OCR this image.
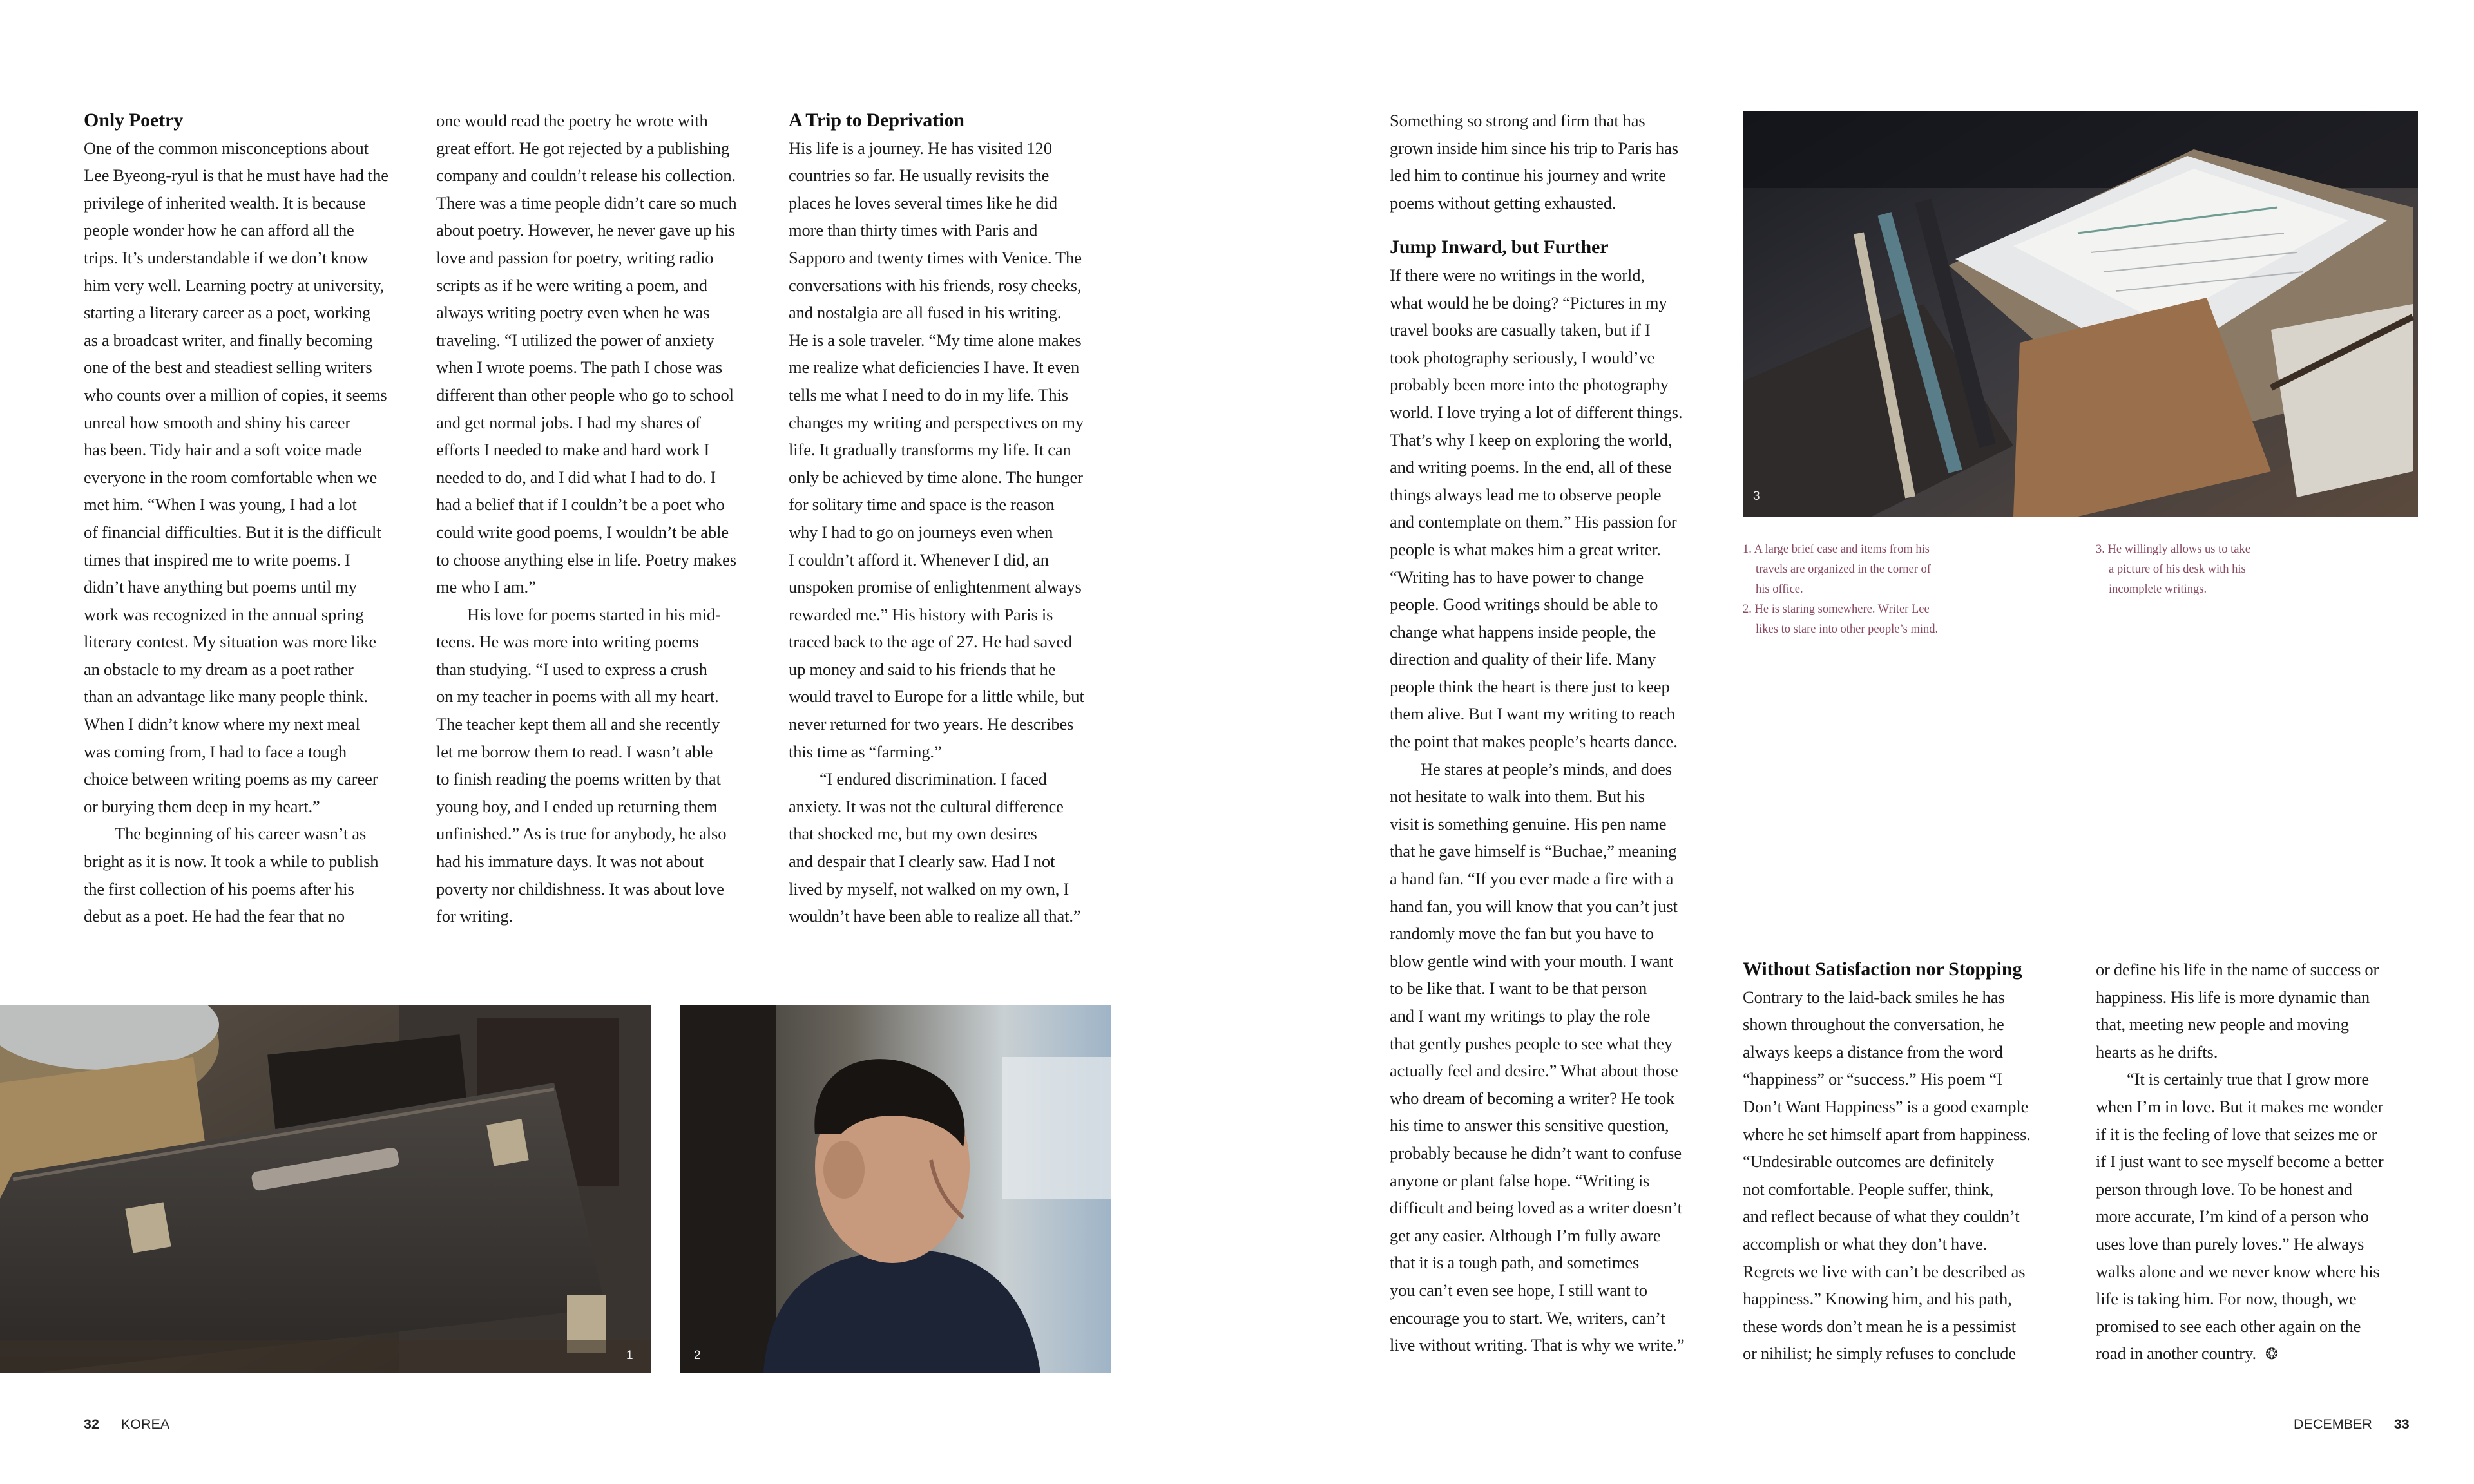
Only Poetry
One of the common misconceptions about
Lee Byeong-ryul is that he must have had the
privilege of inherited wealth. It is because
people wonder how he can afford all the
trips. It’s understandable if we don’t know
him very well. Learning poetry at university,
starting a literary career as a poet, working
as a broadcast writer, and finally becoming
one of the best and steadiest selling writers
who counts over a million of copies, it seems
unreal how smooth and shiny his career
has been. Tidy hair and a soft voice made
everyone in the room comfortable when we
met him. “When I was young, I had a lot
of financial difficulties. But it is the difficult
times that inspired me to write poems. I
didn’t have anything but poems until my
work was recognized in the annual spring
literary contest. My situation was more like
an obstacle to my dream as a poet rather
than an advantage like many people think.
When I didn’t know where my next meal
was coming from, I had to face a tough
choice between writing poems as my career
or burying them deep in my heart.”
The beginning of his career wasn’t as
bright as it is now. It took a while to publish
the first collection of his poems after his
debut as a poet. He had the fear that no
one would read the poetry he wrote with
great effort. He got rejected by a publishing
company and couldn’t release his collection.
There was a time people didn’t care so much
about poetry. However, he never gave up his
love and passion for poetry, writing radio
scripts as if he were writing a poem, and
always writing poetry even when he was
traveling. “I utilized the power of anxiety
when I wrote poems. The path I chose was
different than other people who go to school
and get normal jobs. I had my shares of
efforts I needed to make and hard work I
needed to do, and I did what I had to do. I
had a belief that if I couldn’t be a poet who
could write good poems, I wouldn’t be able
to choose anything else in life. Poetry makes
me who I am.”
His love for poems started in his mid-
teens. He was more into writing poems
than studying. “I used to express a crush
on my teacher in poems with all my heart.
The teacher kept them all and she recently
let me borrow them to read. I wasn’t able
to finish reading the poems written by that
young boy, and I ended up returning them
unfinished.” As is true for anybody, he also
had his immature days. It was not about
poverty nor childishness. It was about love
for writing.
A Trip to Deprivation
His life is a journey. He has visited 120
countries so far. He usually revisits the
places he loves several times like he did
more than thirty times with Paris and
Sapporo and twenty times with Venice. The
conversations with his friends, rosy cheeks,
and nostalgia are all fused in his writing.
He is a sole traveler. “My time alone makes
me realize what deficiencies I have. It even
tells me what I need to do in my life. This
changes my writing and perspectives on my
life. It gradually transforms my life. It can
only be achieved by time alone. The hunger
for solitary time and space is the reason
why I had to go on journeys even when
I couldn’t afford it. Whenever I did, an
unspoken promise of enlightenment always
rewarded me.” His history with Paris is
traced back to the age of 27. He had saved
up money and said to his friends that he
would travel to Europe for a little while, but
never returned for two years. He describes
this time as “farming.”
“I endured discrimination. I faced
anxiety. It was not the cultural difference
that shocked me, but my own desires
and despair that I clearly saw. Had I not
lived by myself, not walked on my own, I
wouldn’t have been able to realize all that.”
1	2
32 KOREA
Something so strong and firm that has
grown inside him since his trip to Paris has
led him to continue his journey and write
poems without getting exhausted.
Jump Inward, but Further
If there were no writings in the world,
what would he be doing? “Pictures in my
travel books are casually taken, but if I
took photography seriously, I would’ve
probably been more into the photography
world. I love trying a lot of different things.
That’s why I keep on exploring the world,
and writing poems. In the end, all of these
things always lead me to observe people
and contemplate on them.” His passion for
people is what makes him a great writer.
“Writing has to have power to change
people. Good writings should be able to
change what happens inside people, the
direction and quality of their life. Many
people think the heart is there just to keep
them alive. But I want my writing to reach
the point that makes people’s hearts dance.
He stares at people’s minds, and does
not hesitate to walk into them. But his
visit is something genuine. His pen name
that he gave himself is “Buchae,” meaning
a hand fan. “If you ever made a fire with a
hand fan, you will know that you can’t just
randomly move the fan but you have to
blow gentle wind with your mouth. I want
to be like that. I want to be that person
and I want my writings to play the role
that gently pushes people to see what they
actually feel and desire.” What about those
who dream of becoming a writer? He took
his time to answer this sensitive question,
probably because he didn’t want to confuse
anyone or plant false hope. “Writing is
difficult and being loved as a writer doesn’t
get any easier. Although I’m fully aware
that it is a tough path, and sometimes
you can’t even see hope, I still want to
encourage you to start. We, writers, can’t
live without writing. That is why we write.”
3
1. A large brief case and items from his
travels are organized in the corner of
his office.
2. He is staring somewhere. Writer Lee
likes to stare into other people’s mind.
3. He willingly allows us to take
a picture of his desk with his
incomplete writings.
Without Satisfaction nor Stopping
Contrary to the laid-back smiles he has
shown throughout the conversation, he
always keeps a distance from the word
“happiness” or “success.” His poem “I
Don’t Want Happiness” is a good example
where he set himself apart from happiness.
“Undesirable outcomes are definitely
not comfortable. People suffer, think,
and reflect because of what they couldn’t
accomplish or what they don’t have.
Regrets we live with can’t be described as
happiness.” Knowing him, and his path,
these words don’t mean he is a pessimist
or nihilist; he simply refuses to conclude
or define his life in the name of success or
happiness. His life is more dynamic than
that, meeting new people and moving
hearts as he drifts.
“It is certainly true that I grow more
when I’m in love. But it makes me wonder
if it is the feeling of love that seizes me or
if I just want to see myself become a better
person through love. To be honest and
more accurate, I’m kind of a person who
uses love than purely loves.” He always
walks alone and we never know where his
life is taking him. For now, though, we
promised to see each other again on the
road in another country. ❂
DECEMBER 33
